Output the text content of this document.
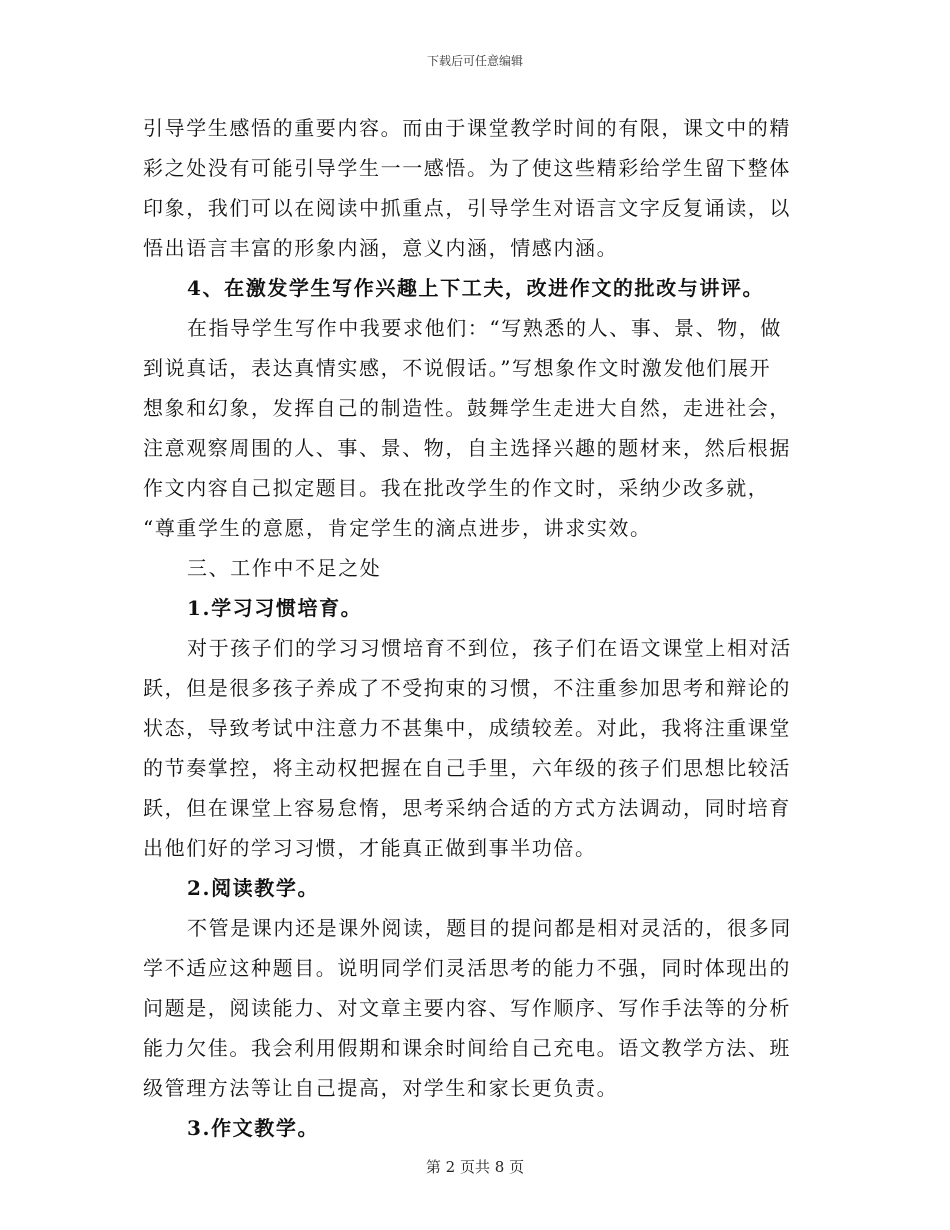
下载后可任意编辑
引导学生感悟的重要内容。而由于课堂教学时间的有限，课文中的精
彩之处没有可能引导学生一一感悟。为了使这些精彩给学生留下整体
印象，我们可以在阅读中抓重点，引导学生对语言文字反复诵读，以
悟出语言丰富的形象内涵，意义内涵，情感内涵。
4、在激发学生写作兴趣上下工夫，改进作文的批改与讲评。
在指导学生写作中我要求他们：“写熟悉的人、事、景、物，做
到说真话，表达真情实感，不说假话。”写想象作文时激发他们展开
想象和幻象，发挥自己的制造性。鼓舞学生走进大自然，走进社会，
注意观察周围的人、事、景、物，自主选择兴趣的题材来，然后根据
作文内容自己拟定题目。我在批改学生的作文时，采纳少改多就，
“尊重学生的意愿，肯定学生的滴点进步，讲求实效。
三、工作中不足之处
1.学习习惯培育。
对于孩子们的学习习惯培育不到位，孩子们在语文课堂上相对活
跃，但是很多孩子养成了不受拘束的习惯，不注重参加思考和辩论的
状态，导致考试中注意力不甚集中，成绩较差。对此，我将注重课堂
的节奏掌控，将主动权把握在自己手里，六年级的孩子们思想比较活
跃，但在课堂上容易怠惰，思考采纳合适的方式方法调动，同时培育
出他们好的学习习惯，才能真正做到事半功倍。
2.阅读教学。
不管是课内还是课外阅读，题目的提问都是相对灵活的，很多同
学不适应这种题目。说明同学们灵活思考的能力不强，同时体现出的
问题是，阅读能力、对文章主要内容、写作顺序、写作手法等的分析
能力欠佳。我会利用假期和课余时间给自己充电。语文教学方法、班
级管理方法等让自己提高，对学生和家长更负责。
3.作文教学。
第 2 页共 8 页
